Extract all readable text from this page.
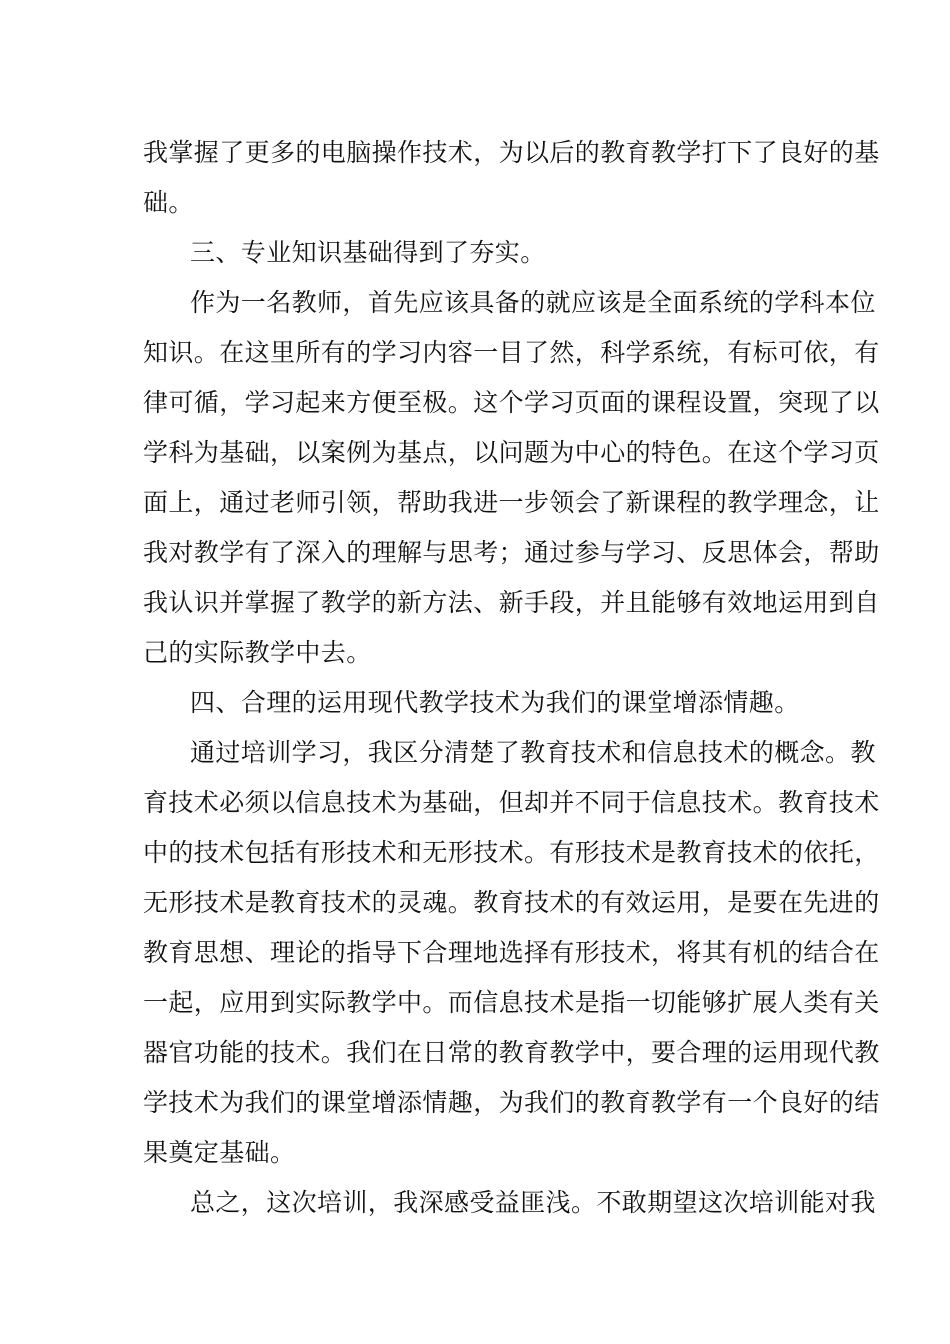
我掌握了更多的电脑操作技术，为以后的教育教学打下了良好的基
础。
三、专业知识基础得到了夯实。
作为一名教师，首先应该具备的就应该是全面系统的学科本位
知识。在这里所有的学习内容一目了然，科学系统，有标可依，有
律可循，学习起来方便至极。这个学习页面的课程设置，突现了以
学科为基础，以案例为基点，以问题为中心的特色。在这个学习页
面上，通过老师引领，帮助我进一步领会了新课程的教学理念，让
我对教学有了深入的理解与思考；通过参与学习、反思体会，帮助
我认识并掌握了教学的新方法、新手段，并且能够有效地运用到自
己的实际教学中去。
四、合理的运用现代教学技术为我们的课堂增添情趣。
通过培训学习，我区分清楚了教育技术和信息技术的概念。教
育技术必须以信息技术为基础，但却并不同于信息技术。教育技术
中的技术包括有形技术和无形技术。有形技术是教育技术的依托，
无形技术是教育技术的灵魂。教育技术的有效运用，是要在先进的
教育思想、理论的指导下合理地选择有形技术，将其有机的结合在
一起，应用到实际教学中。而信息技术是指一切能够扩展人类有关
器官功能的技术。我们在日常的教育教学中，要合理的运用现代教
学技术为我们的课堂增添情趣，为我们的教育教学有一个良好的结
果奠定基础。
总之，这次培训，我深感受益匪浅。不敢期望这次培训能对我
